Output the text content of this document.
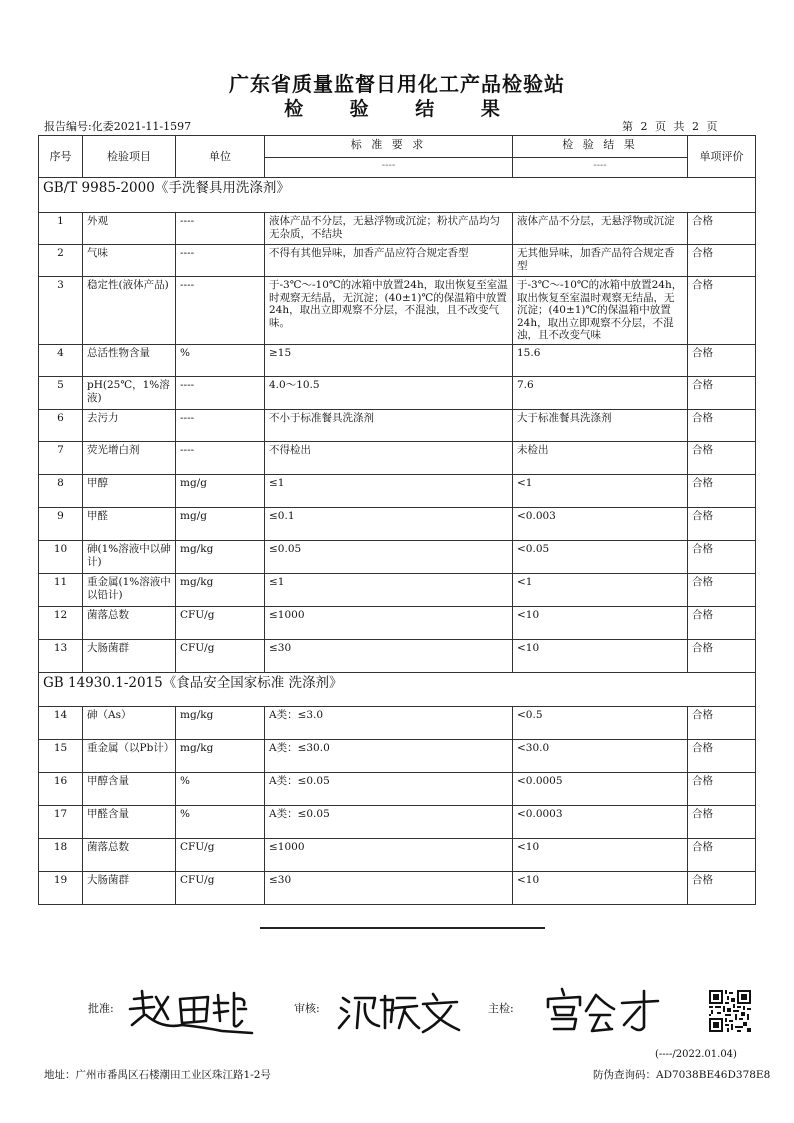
广东省质量监督日用化工产品检验站
检 验 结 果
报告编号:化委2021-11-1597	第 2 页 共 2 页
序号	检验项目	单位	标 准 要 求	检 验 结 果	单项评价
			----	----	
GB/T 9985-2000《手洗餐具用洗涤剂》					
1	外观	----	液体产品不分层，无悬浮物或沉淀；粉状产品均匀无杂质，不结块	液体产品不分层，无悬浮物或沉淀	合格
2	气味	----	不得有其他异味，加香产品应符合规定香型	无其他异味，加香产品符合规定香型	合格
3	稳定性(液体产品)	----	于-3℃～-10℃的冰箱中放置24h，取出恢复至室温时观察无结晶，无沉淀；(40±1)℃的保温箱中放置24h，取出立即观察不分层，不混浊，且不改变气味。	于-3℃～-10℃的冰箱中放置24h，取出恢复至室温时观察无结晶，无沉淀；(40±1)℃的保温箱中放置24h，取出立即观察不分层，不混浊，且不改变气味	合格
4	总活性物含量	%	≥15	15.6	合格
5	pH(25℃，1%溶液)	----	4.0～10.5	7.6	合格
6	去污力	----	不小于标准餐具洗涤剂	大于标准餐具洗涤剂	合格
7	荧光增白剂	----	不得检出	未检出	合格
8	甲醇	mg/g	≤1	<1	合格
9	甲醛	mg/g	≤0.1	<0.003	合格
10	砷(1%溶液中以砷计)	mg/kg	≤0.05	<0.05	合格
11	重金属(1%溶液中以铅计)	mg/kg	≤1	<1	合格
12	菌落总数	CFU/g	≤1000	<10	合格
13	大肠菌群	CFU/g	≤30	<10	合格
GB 14930.1-2015《食品安全国家标准 洗涤剂》					
14	砷（As）	mg/kg	A类：≤3.0	<0.5	合格
15	重金属（以Pb计）	mg/kg	A类：≤30.0	<30.0	合格
16	甲醇含量	%	A类：≤0.05	<0.0005	合格
17	甲醛含量	%	A类：≤0.05	<0.0003	合格
18	菌落总数	CFU/g	≤1000	<10	合格
19	大肠菌群	CFU/g	≤30	<10	合格
批准:	审核:	主检:
(----/2022.01.04)
地址：广州市番禺区石楼潮田工业区珠江路1-2号	防伪查询码：AD7038BE46D378E8
